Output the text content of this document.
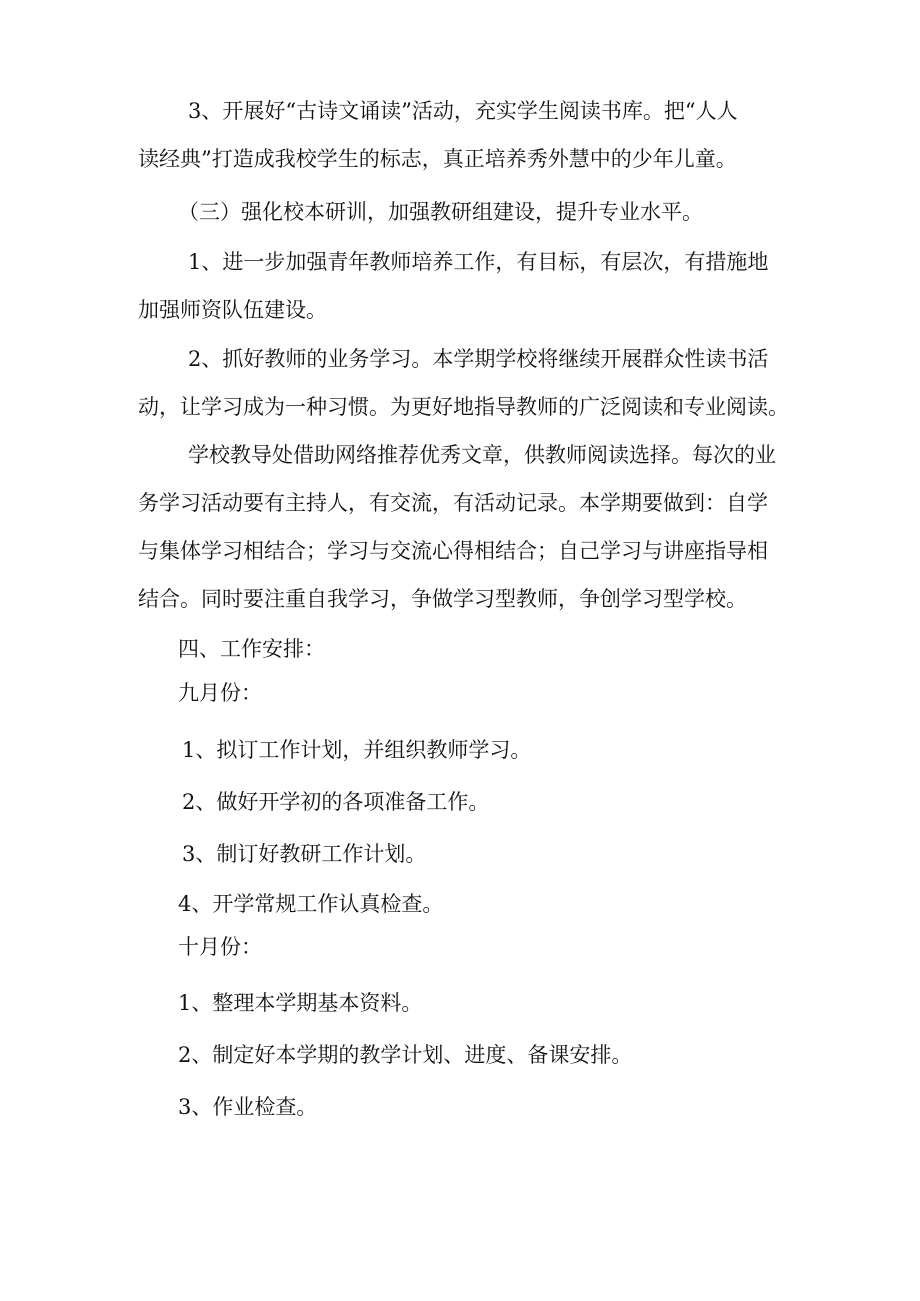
3、开展好“古诗文诵读”活动，充实学生阅读书库。把“人人
读经典”打造成我校学生的标志，真正培养秀外慧中的少年儿童。
（三）强化校本研训，加强教研组建设，提升专业水平。
1、进一步加强青年教师培养工作，有目标，有层次，有措施地
加强师资队伍建设。
2、抓好教师的业务学习。本学期学校将继续开展群众性读书活
动，让学习成为一种习惯。为更好地指导教师的广泛阅读和专业阅读。
学校教导处借助网络推荐优秀文章，供教师阅读选择。每次的业
务学习活动要有主持人，有交流，有活动记录。本学期要做到：自学
与集体学习相结合；学习与交流心得相结合；自己学习与讲座指导相
结合。同时要注重自我学习，争做学习型教师，争创学习型学校。
四、工作安排：
九月份：
1、拟订工作计划，并组织教师学习。
2、做好开学初的各项准备工作。
3、制订好教研工作计划。
4、开学常规工作认真检查。
十月份：
1、整理本学期基本资料。
2、制定好本学期的教学计划、进度、备课安排。
3、作业检查。
